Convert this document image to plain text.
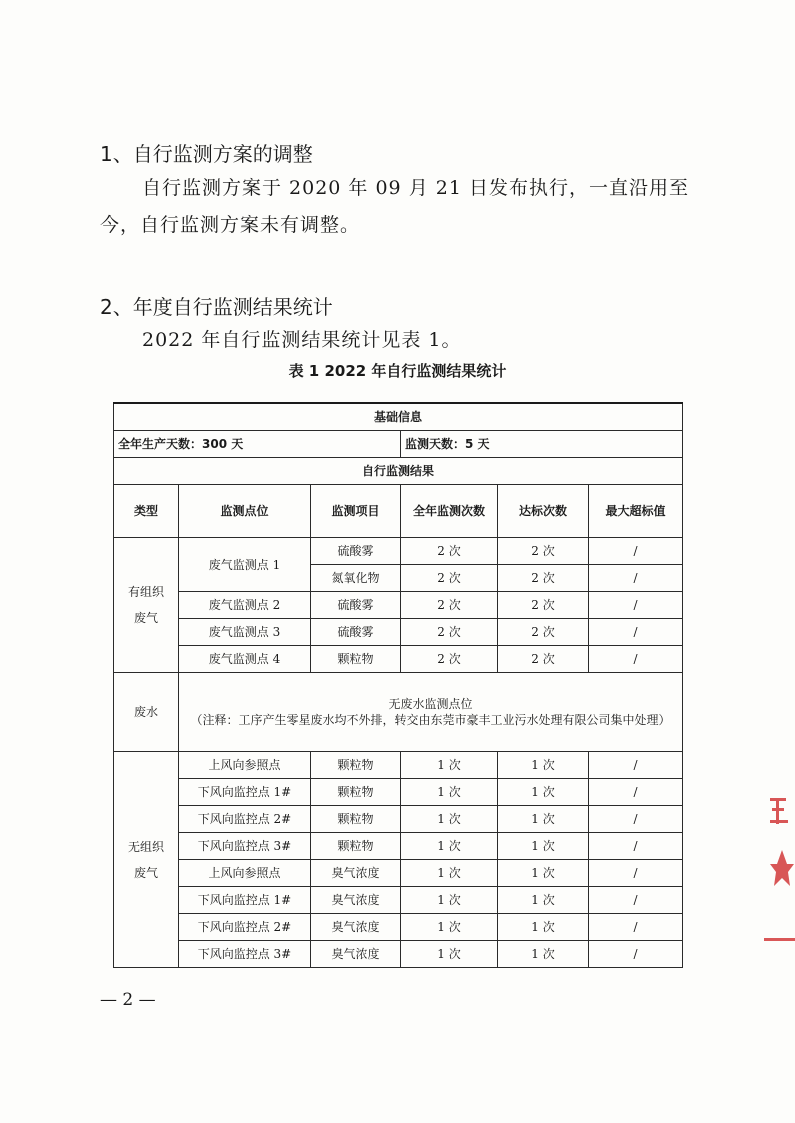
1、自行监测方案的调整
自行监测方案于 2020 年 09 月 21 日发布执行，一直沿用至
今，自行监测方案未有调整。
2、年度自行监测结果统计
2022 年自行监测结果统计见表 1。
表 1 2022 年自行监测结果统计
基础信息					
全年生产天数：300 天			监测天数：5 天		
自行监测结果					
类型	监测点位	监测项目	全年监测次数	达标次数	最大超标值
有组织废气	废气监测点 1	硫酸雾	2 次	2 次	/
		氮氧化物	2 次	2 次	/
	废气监测点 2	硫酸雾	2 次	2 次	/
	废气监测点 3	硫酸雾	2 次	2 次	/
	废气监测点 4	颗粒物	2 次	2 次	/
废水	无废水监测点位
（注释：工序产生零星废水均不外排，转交由东莞市豪丰工业污水处理有限公司集中处理）				

无组织废气	上风向参照点	颗粒物	1 次	1 次	/
	下风向监控点 1#	颗粒物	1 次	1 次	/
	下风向监控点 2#	颗粒物	1 次	1 次	/
	下风向监控点 3#	颗粒物	1 次	1 次	/
	上风向参照点	臭气浓度	1 次	1 次	/
	下风向监控点 1#	臭气浓度	1 次	1 次	/
	下风向监控点 2#	臭气浓度	1 次	1 次	/
	下风向监控点 3#	臭气浓度	1 次	1 次	/
— 2 —
